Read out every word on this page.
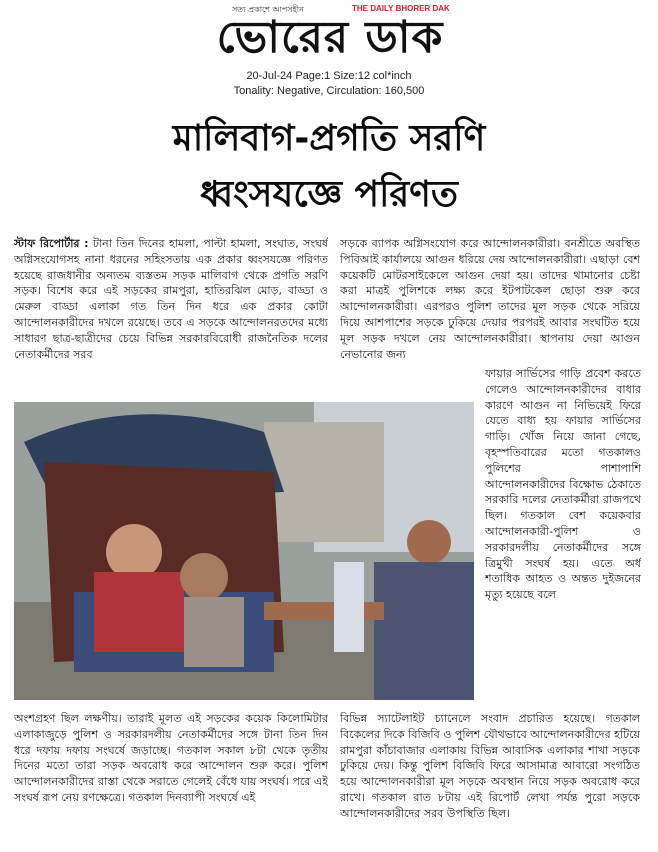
সত্য প্রকাশে আপসহীন	THE DAILY BHORER DAK
ভোরের ডাক
20-Jul-24 Page:1 Size:12 col*inch
Tonality: Negative, Circulation: 160,500
মালিবাগ-প্রগতি সরণি
ধ্বংসযজ্ঞে পরিণত

স্টাফ রিপোর্টার : টানা তিন দিনের হামলা, পাল্টা হামলা, সংঘাত, সংঘর্ষ অগ্নিসংযোগসহ নানা ধরনের সহিংসতায় এক প্রকার ধ্বংসযজ্ঞে পরিণত হয়েছে রাজধানীর অন্যতম ব্যস্ততম সড়ক মালিবাগ থেকে প্রগতি সরণি সড়ক। বিশেষ করে এই সড়কের রামপুরা, হাতিরঝিল মোড়, বাড্ডা ও মেরুল বাড্ডা এলাকা গত তিন দিন ধরে এক প্রকার কোটা আন্দোলনকারীদের দখলে রয়েছে। তবে এ সড়কে আন্দোলনরতদের মধ্যে সাধারণ ছাত্র-ছাত্রীদের চেয়ে বিভিন্ন সরকারবিরোধী রাজনৈতিক দলের নেতাকর্মীদের সরব

সড়কে ব্যাপক অগ্নিসংযোগ করে আন্দোলনকারীরা। বনশ্রীতে অবস্থিত পিবিআই কার্যালয়ে আগুন ধরিয়ে দেয় আন্দোলনকারীরা। এছাড়া বেশ কয়েকটি মোটরসাইকেলে আগুন দেয়া হয়। তাদের থামানোর চেষ্টা করা মাত্রই পুলিশকে লক্ষ্য করে ইটপাটকেল ছোড়া শুরু করে আন্দোলনকারীরা। এরপরও পুলিশ তাদের মূল সড়ক থেকে সরিয়ে দিয়ে আশপাশের সড়কে ঢুকিয়ে দেয়ার পরপরই আবার সংঘটিত হয়ে মূল সড়ক দখলে নেয় আন্দোলনকারীরা। স্থাপনায় দেয়া আগুন নেভানোর জন্য

ফায়ার সার্ভিসের গাড়ি প্রবেশ করতে গেলেও আন্দোলনকারীদের বাধার কারণে আগুন না নিভিয়েই ফিরে যেতে বাধ্য হয় ফায়ার সার্ভিসের গাড়ি। খোঁজ নিয়ে জানা গেছে, বৃহস্পতিবারের মতো গতকালও পুলিশের পাশাপাশি আন্দোলনকারীদের বিক্ষোভ ঠেকাতে সরকারি দলের নেতাকর্মীরা রাজপথে ছিল। গতকাল বেশ কয়েকবার আন্দোলনকারী-পুলিশ ও সরকারদলীয় নেতাকর্মীদের সঙ্গে ত্রিমুখী সংঘর্ষ হয়। এতে অর্ধ শতাধিক আহত ও অন্তত দুইজনের মৃত্যু হয়েছে বলে

অংশগ্রহণ ছিল লক্ষণীয়। তারাই মূলত এই সড়কের কয়েক কিলোমিটার এলাকাজুড়ে পুলিশ ও সরকারদলীয় নেতাকর্মীদের সঙ্গে টানা তিন দিন ধরে দফায় দফায় সংঘর্ষে জড়াচ্ছে। গতকাল সকাল ৮টা থেকে তৃতীয় দিনের মতো তারা সড়ক অবরোধ করে আন্দোলন শুরু করে। পুলিশ আন্দোলনকারীদের রাস্তা থেকে সরাতে গেলেই বেঁধে যায় সংঘর্ষ। পরে এই সংঘর্ষ রূপ নেয় রণক্ষেত্রে। গতকাল দিনব্যাপী সংঘর্ষে এই

বিভিন্ন স্যাটেলাইট চ্যানেলে সংবাদ প্রচারিত হয়েছে। গতকাল বিকেলের দিকে বিজিবি ও পুলিশ যৌথভাবে আন্দোলনকারীদের হটিয়ে রামপুরা কাঁচাবাজার এলাকায় বিভিন্ন আবাসিক এলাকার শাখা সড়কে ঢুকিয়ে দেয়। কিন্তু পুলিশ বিজিবি ফিরে আসামাত্র আবারো সংগঠিত হয়ে আন্দোলনকারীরা মূল সড়কে অবস্থান নিয়ে সড়ক অবরোধ করে রাখে। গতকাল রাত ৮টায় এই রিপোর্ট লেখা পর্যন্ত পুরো সড়কে আন্দোলনকারীদের সরব উপস্থিতি ছিল।
